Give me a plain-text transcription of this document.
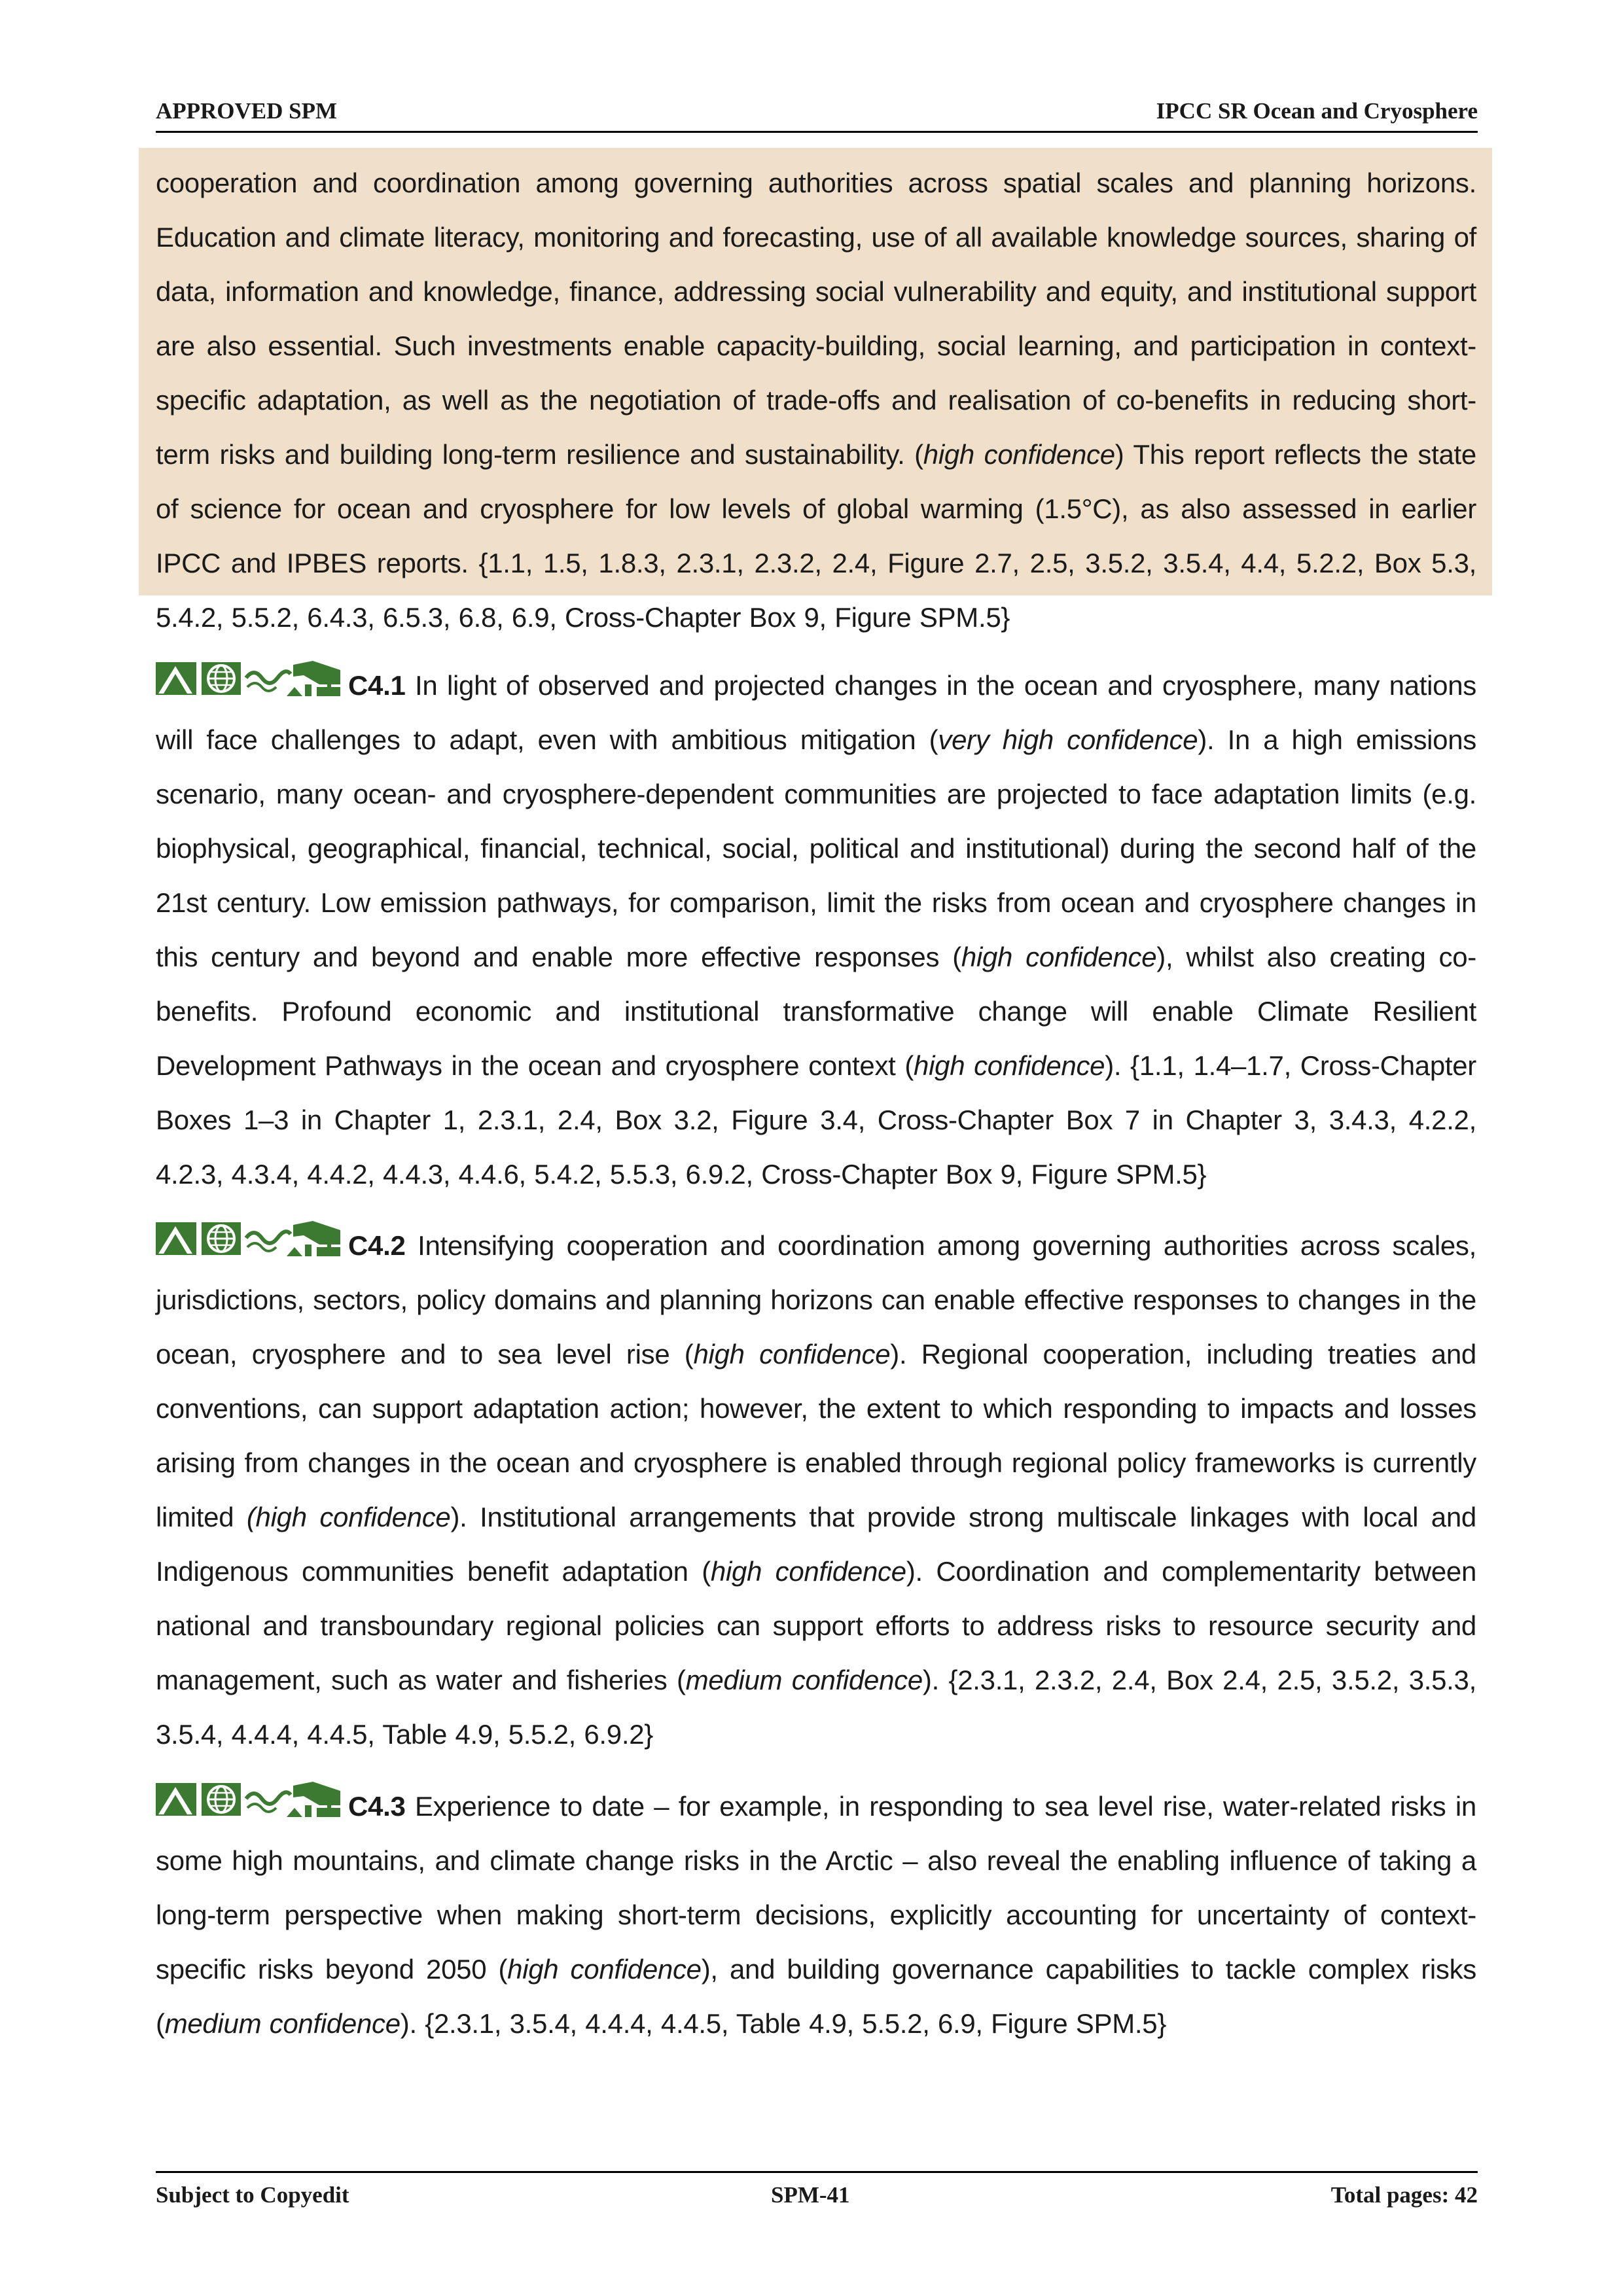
APPROVED SPM	IPCC SR Ocean and Cryosphere

cooperation and coordination among governing authorities across spatial scales and planning horizons. Education and climate literacy, monitoring and forecasting, use of all available knowledge sources, sharing of data, information and knowledge, finance, addressing social vulnerability and equity, and institutional support are also essential. Such investments enable capacity-building, social learning, and participation in context-specific adaptation, as well as the negotiation of trade-offs and realisation of co-benefits in reducing short-term risks and building long-term resilience and sustainability. (high confidence) This report reflects the state of science for ocean and cryosphere for low levels of global warming (1.5°C), as also assessed in earlier IPCC and IPBES reports. {1.1, 1.5, 1.8.3, 2.3.1, 2.3.2, 2.4, Figure 2.7, 2.5, 3.5.2, 3.5.4, 4.4, 5.2.2, Box 5.3, 5.4.2, 5.5.2, 6.4.3, 6.5.3, 6.8, 6.9, Cross-Chapter Box 9, Figure SPM.5}

C4.1 In light of observed and projected changes in the ocean and cryosphere, many nations will face challenges to adapt, even with ambitious mitigation (very high confidence). In a high emissions scenario, many ocean- and cryosphere-dependent communities are projected to face adaptation limits (e.g. biophysical, geographical, financial, technical, social, political and institutional) during the second half of the 21st century. Low emission pathways, for comparison, limit the risks from ocean and cryosphere changes in this century and beyond and enable more effective responses (high confidence), whilst also creating co-benefits. Profound economic and institutional transformative change will enable Climate Resilient Development Pathways in the ocean and cryosphere context (high confidence). {1.1, 1.4–1.7, Cross-Chapter Boxes 1–3 in Chapter 1, 2.3.1, 2.4, Box 3.2, Figure 3.4, Cross-Chapter Box 7 in Chapter 3, 3.4.3, 4.2.2, 4.2.3, 4.3.4, 4.4.2, 4.4.3, 4.4.6, 5.4.2, 5.5.3, 6.9.2, Cross-Chapter Box 9, Figure SPM.5}

C4.2 Intensifying cooperation and coordination among governing authorities across scales, jurisdictions, sectors, policy domains and planning horizons can enable effective responses to changes in the ocean, cryosphere and to sea level rise (high confidence). Regional cooperation, including treaties and conventions, can support adaptation action; however, the extent to which responding to impacts and losses arising from changes in the ocean and cryosphere is enabled through regional policy frameworks is currently limited (high confidence). Institutional arrangements that provide strong multiscale linkages with local and Indigenous communities benefit adaptation (high confidence). Coordination and complementarity between national and transboundary regional policies can support efforts to address risks to resource security and management, such as water and fisheries (medium confidence). {2.3.1, 2.3.2, 2.4, Box 2.4, 2.5, 3.5.2, 3.5.3, 3.5.4, 4.4.4, 4.4.5, Table 4.9, 5.5.2, 6.9.2}

C4.3 Experience to date – for example, in responding to sea level rise, water-related risks in some high mountains, and climate change risks in the Arctic – also reveal the enabling influence of taking a long-term perspective when making short-term decisions, explicitly accounting for uncertainty of context-specific risks beyond 2050 (high confidence), and building governance capabilities to tackle complex risks (medium confidence). {2.3.1, 3.5.4, 4.4.4, 4.4.5, Table 4.9, 5.5.2, 6.9, Figure SPM.5}

Subject to Copyedit	SPM-41	Total pages: 42
